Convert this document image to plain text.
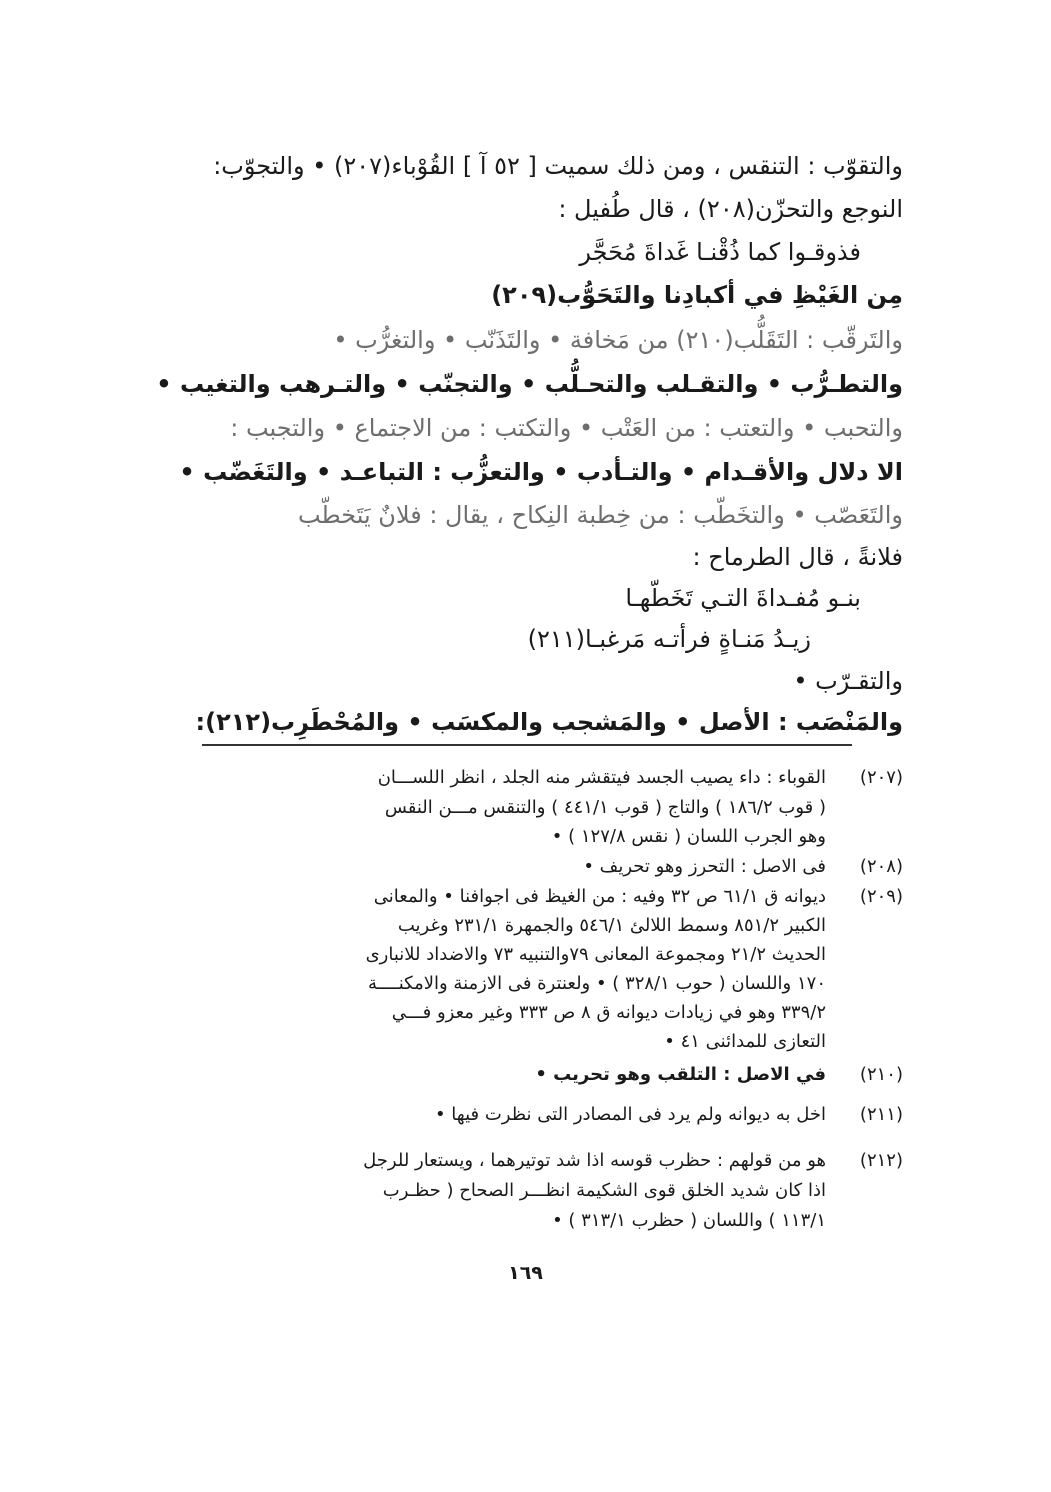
والتقوّب : التنقس ، ومن ذلك سميت [ ٥٢ آ ] القُوْباء(٢٠٧) • والتجوّب:
النوجع والتحزّن(٢٠٨) ، قال طُفيل :
فذوقـوا كما ذُقْنـا غَداةَ مُحَجَّر
مِن الغَيْظِ في أكبادِنا والتَحَوُّب(٢٠٩)
والتَرقّب : التَقَلُّب(٢١٠) من مَخافة • والتَذَنّب • والتغرُّب •
والتطـرُّب • والتقـلب والتحـلُّب • والتجنّب • والتـرهب والتغيب •
والتحبب • والتعتب : من العَتْب • والتكتب : من الاجتماع • والتجبب :
الا دلال والأقـدام • والتـأدب • والتعزُّب : التباعـد • والتَغَضّب •
والتَعَصّب • والتخَطّب : من خِطبة النِكاح ، يقال : فلانٌ يَتَخطّب
فلانةً ، قال الطرماح :
بنـو مُفـداةَ التـي تَخَطّهـا
زيـدُ مَنـاةٍ فرأتـه مَرغبـا(٢١١)
والتقـرّب •
والمَنْصَب : الأصل • والمَشجب والمكسَب • والمُحْطَرِب(٢١٢):
(٢٠٧)
القوباء : داء يصيب الجسد فيتقشر منه الجلد ، انظر اللســـان
( قوب ١٨٦/٢ ) والتاج ( قوب ٤٤١/١ ) والتنقس مـــن النقس
وهو الجرب اللسان ( نقس ١٢٧/٨ ) •
(٢٠٨)
فى الاصل : التحرز وهو تحريف •
(٢٠٩)
ديوانه ق ٦١/١ ص ٣٢ وفيه : من الغيظ فى اجوافنا • والمعانى
الكبير ٨٥١/٢ وسمط اللالئ ٥٤٦/١ والجمهرة ٢٣١/١ وغريب
الحديث ٢١/٢ ومجموعة المعانى ٧٩والتنبيه ٧٣ والاضداد للانبارى
١٧٠ واللسان ( حوب ٣٢٨/١ ) • ولعنترة فى الازمنة والامكنــــة
٣٣٩/٢ وهو في زيادات ديوانه ق ٨ ص ٣٣٣ وغير معزو فـــي
التعازى للمدائنى ٤١ •
(٢١٠)
في الاصل : التلقب وهو تحريب •
(٢١١)
اخل به ديوانه ولم يرد فى المصادر التى نظرت فيها •
(٢١٢)
هو من قولهم : حظرب قوسه اذا شد توتيرهما ، ويستعار للرجل
اذا كان شديد الخلق قوى الشكيمة انظـــر الصحاح ( حظـرب
١١٣/١ ) واللسان ( حظرب ٣١٣/١ ) •
١٦٩
